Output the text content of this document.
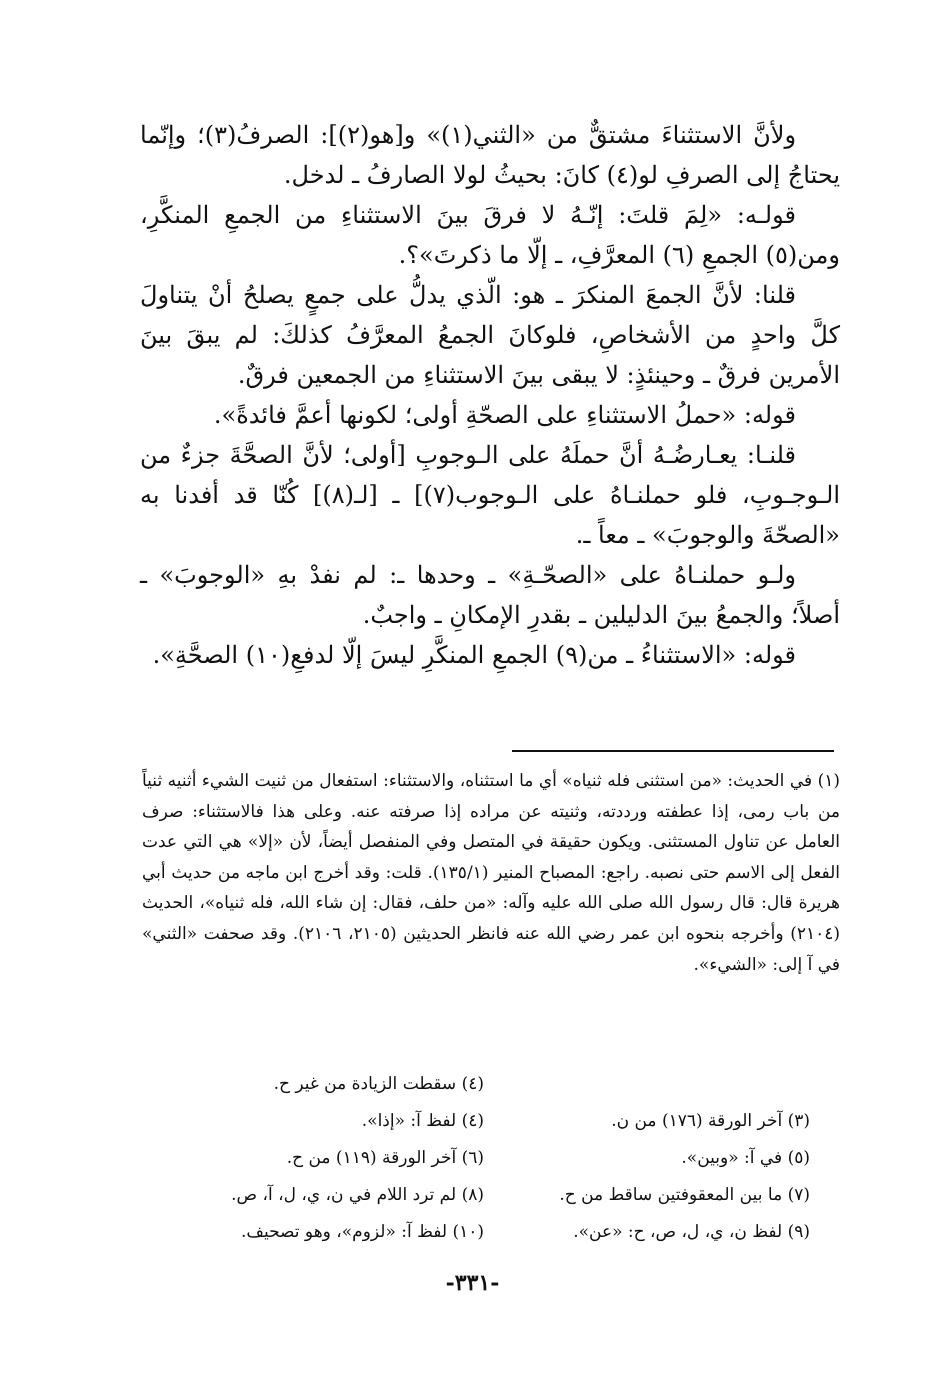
ولأنَّ الاستثناءَ مشتقٌّ من «الثني(١)» و[هو(٢)]: الصرفُ(٣)؛ وإنّما يحتاجُ إلى الصرفِ لو(٤) كانَ: بحيثُ لولا الصارفُ ـ لدخل.

قولـه: «لِمَ قلتَ: إنّـهُ لا فرقَ بينَ الاستثناءِ من الجمعِ المنكَّرِ، ومن(٥) الجمعِ (٦) المعرَّفِ، ـ إلّا ما ذكرتَ»؟.

قلنا: لأنَّ الجمعَ المنكرَ ـ هو: الّذي يدلُّ على جمعٍ يصلحُ أنْ يتناولَ كلَّ واحدٍ من الأشخاصِ، فلوكانَ الجمعُ المعرَّفُ كذلكَ: لم يبقَ بينَ الأمرين فرقٌ ـ وحينئذٍ: لا يبقى بينَ الاستثناءِ من الجمعين فرقٌ.

قوله: «حملُ الاستثناءِ على الصحّةِ أولى؛ لكونها أعمَّ فائدةً».

قلنـا: يعـارضُـهُ أنَّ حملَهُ على الـوجوبِ [أولى؛ لأنَّ الصحَّةَ جزءٌ من الـوجـوبِ، فلو حملنـاهُ على الـوجوب(٧)] ـ [لـ(٨)] كُنّا قد أفدنا به «الصحّةَ والوجوبَ» ـ معاً ـ.

ولـو حملنـاهُ على «الصحّـةِ» ـ وحدها ـ: لم نفدْ بهِ «الوجوبَ» ـ أصلاً؛ والجمعُ بينَ الدليلين ـ بقدرِ الإمكانِ ـ واجبٌ.

قوله: «الاستثناءُ ـ من(٩) الجمعِ المنكَّرِ ليسَ إلّا لدفعِ(١٠) الصحَّةِ».

(١) في الحديث: «من استثنى فله ثنياه» أي ما استثناه، والاستثناء: استفعال من ثنيت الشيء أثنيه ثنياً من باب رمى، إذا عطفته ورددته، وثنيته عن مراده إذا صرفته عنه. وعلى هذا فالاستثناء: صرف العامل عن تناول المستثنى. ويكون حقيقة في المتصل وفي المنفصل أيضاً، لأن «إلا» هي التي عدت الفعل إلى الاسم حتى نصبه. راجع: المصباح المنير (١٣٥/١). قلت: وقد أخرج ابن ماجه من حديث أبي هريرة قال: قال رسول الله صلى الله عليه وآله: «من حلف، فقال: إن شاء الله، فله ثنياه»، الحديث (٢١٠٤) وأخرجه بنحوه ابن عمر رضي الله عنه فانظر الحديثين (٢١٠٥، ٢١٠٦). وقد صحفت «الثني» في آ إلى: «الشيء».

(٤) سقطت الزيادة من غير ح.
(٣) آخر الورقة (١٧٦) من ن.
(٤) لفظ آ: «إذا».
(٥) في آ: «وبين».
(٦) آخر الورقة (١١٩) من ح.
(٧) ما بين المعقوفتين ساقط من ح.
(٨) لم ترد اللام في ن، ي، ل، آ، ص.
(٩) لفظ ن، ي، ل، ص، ح: «عن».
(١٠) لفظ آ: «لزوم»، وهو تصحيف.
-٣٣١-
